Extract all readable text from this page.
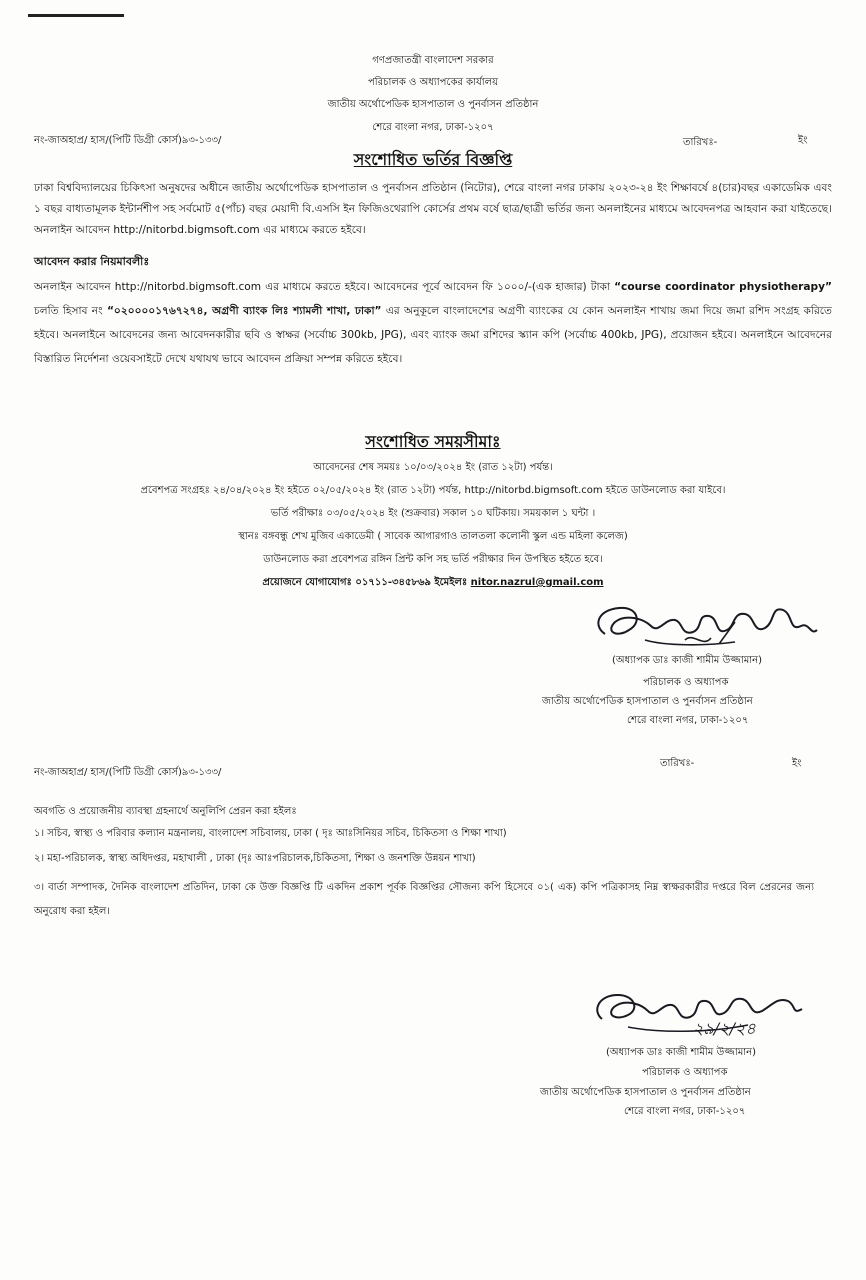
গণপ্রজাতন্ত্রী বাংলাদেশ সরকার
পরিচালক ও অধ্যাপকের কার্যালয়
জাতীয় অর্থোপেডিক হাসপাতাল ও পুনর্বাসন প্রতিষ্ঠান
শেরে বাংলা নগর, ঢাকা-১২০৭
নং-জাঅহাপ্র/ হাস/(পিটি ডিগ্রী কোর্স)৯৩-১৩৩/	তারিখঃ-	ইং
সংশোধিত ভর্তির বিজ্ঞপ্তি
ঢাকা বিশ্ববিদ্যালয়ের চিকিৎসা অনুষদের অধীনে জাতীয় অর্থোপেডিক হাসপাতাল ও পুনর্বাসন প্রতিষ্ঠান (নিটোর), শেরে বাংলা নগর ঢাকায় ২০২৩-২৪ ইং শিক্ষাবর্ষে ৪(চার)বছর একাডেমিক এবং ১ বছর বাধ্যতামূলক ইন্টার্নশীপ সহ সর্বমোট ৫(পাঁচ) বছর মেয়াদী বি.এসসি ইন ফিজিওথেরাপি কোর্সের প্রথম বর্ষে ছাত্র/ছাত্রী ভর্তির জন্য অনলাইনের মাধ্যমে আবেদনপত্র আহবান করা যাইতেছে।অনলাইন আবেদন http://nitorbd.bigmsoft.com এর মাধ্যমে করতে হইবে।
আবেদন করার নিয়মাবলীঃ
অনলাইন আবেদন http://nitorbd.bigmsoft.com এর মাধ্যমে করতে হইবে। আবেদনের পূর্বে আবেদন ফি ১০০০/-(এক হাজার) টাকা “course coordinator physiotherapy” চলতি হিসাব নং “০২০০০০১৭৬৭২৭৪, অগ্রণী ব্যাংক লিঃ শ্যামলী শাখা, ঢাকা” এর অনুকূলে বাংলাদেশের অগ্রণী ব্যাংকের যে কোন অনলাইন শাখায় জমা দিয়ে জমা রশিদ সংগ্রহ করিতে হইবে। অনলাইনে আবেদনের জন্য আবেদনকারীর ছবি ও স্বাক্ষর (সর্বোচ্চ 300kb, JPG), এবং ব্যাংক জমা রশিদের স্ক্যান কপি (সর্বোচ্চ 400kb, JPG), প্রয়োজন হইবে। অনলাইনে আবেদনের বিস্তারিত নির্দেশনা ওয়েবসাইটে দেখে যথাযথ ভাবে আবেদন প্রক্রিয়া সম্পন্ন করিতে হইবে।
সংশোধিত সময়সীমাঃ
আবেদনের শেষ সময়ঃ ১০/০৩/২০২৪ ইং (রাত ১২টা) পর্যন্ত।
প্রবেশপত্র সংগ্রহঃ ২৪/০৪/২০২৪ ইং হইতে ০২/০৫/২০২৪ ইং (রাত ১২টা) পর্যন্ত, http://nitorbd.bigmsoft.com হইতে ডাউনলোড করা যাইবে।
ভর্তি পরীক্ষাঃ ০৩/০৫/২০২৪ ইং (শুক্রবার) সকাল ১০ ঘটিকায়। সময়কাল ১ ঘন্টা ।
স্থানঃ বঙ্গবন্ধু শেখ মুজিব একাডেমী ( সাবেক আগারগাও তালতলা কলোনী স্কুল এন্ড মহিলা কলেজ)
ডাউনলোড করা প্রবেশপত্র রঙ্গিন প্রিন্ট কপি সহ ভর্তি পরীক্ষার দিন উপস্থিত হইতে হবে।
প্রয়োজনে যোগাযোগঃ ০১৭১১-৩৪৫৮৬৯ ইমেইলঃ nitor.nazrul@gmail.com
(অধ্যাপক ডাঃ কাজী শামীম উজ্জামান)
পরিচালক ও অধ্যাপক
জাতীয় অর্থোপেডিক হাসপাতাল ও পুনর্বাসন প্রতিষ্ঠান
শেরে বাংলা নগর, ঢাকা-১২০৭
নং-জাঅহাপ্র/ হাস/(পিটি ডিগ্রী কোর্স)৯৩-১৩৩/
তারিখঃ-	ইং
অবগতি ও প্রয়োজনীয় ব্যাবস্থা গ্রহনার্থে অনুলিপি প্রেরন করা হইলঃ
১। সচিব, স্বাস্থ্য ও পরিবার কল্যান মন্ত্রনালয়, বাংলাদেশ সচিবালয়, ঢাকা ( দৃঃ আঃসিনিয়র সচিব, চিকিতসা ও শিক্ষা শাখা)
২। মহা-পরিচালক, স্বাস্থ্য অধিদপ্তর, মহাখালী , ঢাকা (দৃঃ আঃপরিচালক,চিকিতসা, শিক্ষা ও জনশক্তি উন্নয়ন শাখা)
৩। বার্তা সম্পাদক, দৈনিক বাংলাদেশ প্রতিদিন, ঢাকা কে উক্ত বিজ্ঞপ্তি টি একদিন প্রকাশ পূর্বক বিজ্ঞপ্তির সৌজন্য কপি হিসেবে ০১( এক) কপি পত্রিকাসহ নিম্ন স্বাক্ষরকারীর দপ্তরে বিল প্রেরনের জন্য অনুরোধ করা হইল।
২৯/২/২৪
(অধ্যাপক ডাঃ কাজী শামীম উজ্জামান)
পরিচালক ও অধ্যাপক
জাতীয় অর্থোপেডিক হাসপাতাল ও পুনর্বাসন প্রতিষ্ঠান
শেরে বাংলা নগর, ঢাকা-১২০৭
